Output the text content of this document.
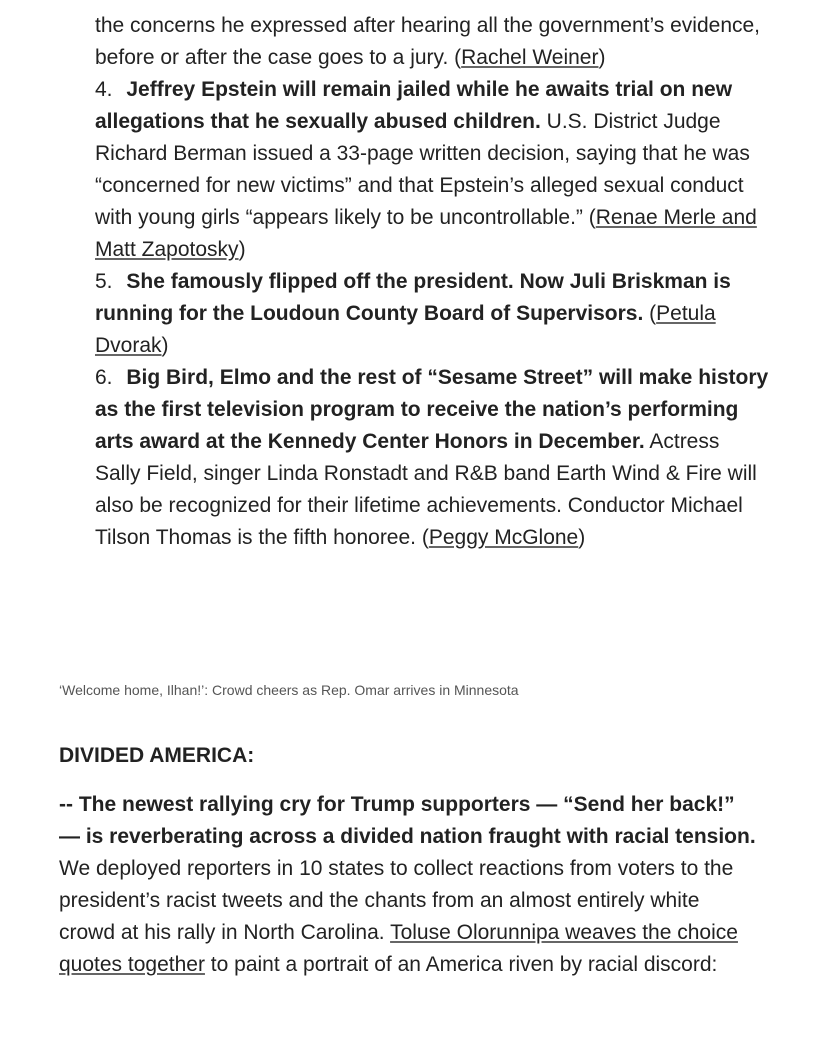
the concerns he expressed after hearing all the government’s evidence, before or after the case goes to a jury. (Rachel Weiner)

4. Jeffrey Epstein will remain jailed while he awaits trial on new allegations that he sexually abused children. U.S. District Judge Richard Berman issued a 33-page written decision, saying that he was “concerned for new victims” and that Epstein’s alleged sexual conduct with young girls “appears likely to be uncontrollable.” (Renae Merle and Matt Zapotosky)

5. She famously flipped off the president. Now Juli Briskman is running for the Loudoun County Board of Supervisors. (Petula Dvorak)

6. Big Bird, Elmo and the rest of “Sesame Street” will make history as the first television program to receive the nation’s performing arts award at the Kennedy Center Honors in December. Actress Sally Field, singer Linda Ronstadt and R&B band Earth Wind & Fire will also be recognized for their lifetime achievements. Conductor Michael Tilson Thomas is the fifth honoree. (Peggy McGlone)

‘Welcome home, Ilhan!’: Crowd cheers as Rep. Omar arrives in Minnesota

DIVIDED AMERICA:

-- The newest rallying cry for Trump supporters — “Send her back!” — is reverberating across a divided nation fraught with racial tension. We deployed reporters in 10 states to collect reactions from voters to the president’s racist tweets and the chants from an almost entirely white crowd at his rally in North Carolina. Toluse Olorunnipa weaves the choice quotes together to paint a portrait of an America riven by racial discord:
